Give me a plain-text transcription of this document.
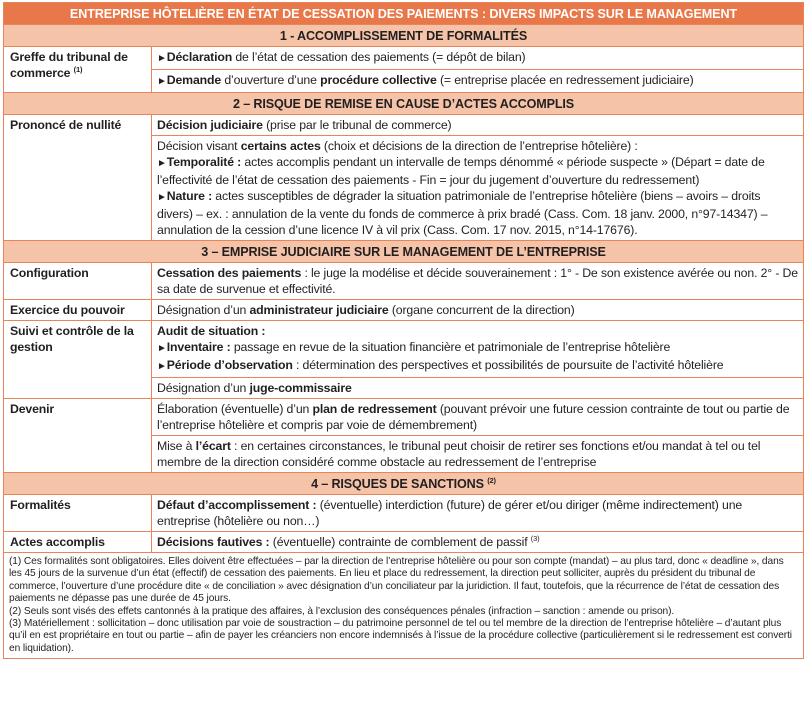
ENTREPRISE HÔTELIÈRE EN ÉTAT DE CESSATION DES PAIEMENTS : DIVERS IMPACTS SUR LE MANAGEMENT	
1 - ACCOMPLISSEMENT DE FORMALITÉS	
Greffe du tribunal de commerce $^{(1)}$	►Déclaration de l’état de cessation des paiements (= dépôt de bilan)
	►Demande d’ouverture d’une procédure collective (= entreprise placée en redressement judiciaire)
2 – RISQUE DE REMISE EN CAUSE D’ACTES ACCOMPLIS	
Prononcé de nullité	Décision judiciaire (prise par le tribunal de commerce)

	Décision visant certains actes (choix et décisions de la direction de l’entreprise hôtelière) :
►Temporalité : actes accomplis pendant un intervalle de temps dénommé « période suspecte » (Départ = date de l’effectivité de l’état de cessation des paiements - Fin = jour du jugement d’ouverture du redressement)
►Nature : actes susceptibles de dégrader la situation patrimoniale de l’entreprise hôtelière (biens – avoirs – droits divers) – ex. : annulation de la vente du fonds de commerce à prix bradé (Cass. Com. 18 janv. 2000, n°97-14347) – annulation de la cession d’une licence IV à vil prix (Cass. Com. 17 nov. 2015, n°14-17676).

3 – EMPRISE JUDICIAIRE SUR LE MANAGEMENT DE L’ENTREPRISE	
Configuration	Cessation des paiements : le juge la modélise et décide souverainement : 1° - De son existence avérée ou non. 2° - De sa date de survenue et effectivité.
Exercice du pouvoir	Désignation d’un administrateur judiciaire (organe concurrent de la direction)
Suivi et contrôle de la gestion	Audit de situation :
►Inventaire : passage en revue de la situation financière et patrimoniale de l’entreprise hôtelière
►Période d’observation : détermination des perspectives et possibilités de poursuite de l’activité hôtelière

	Désignation d’un juge-commissaire
Devenir	Élaboration (éventuelle) d’un plan de redressement (pouvant prévoir une future cession contrainte de tout ou partie de l’entreprise hôtelière et compris par voie de démembrement)
	Mise à l’écart : en certaines circonstances, le tribunal peut choisir de retirer ses fonctions et/ou mandat à tel ou tel membre de la direction considéré comme obstacle au redressement de l’entreprise
4 – RISQUES DE SANCTIONS $^{(2)}$
Formalités	Défaut d’accomplissement : (éventuelle) interdiction (future) de gérer et/ou diriger (même indirectement) une entreprise (hôtelière ou non…)
Actes accomplis	Décisions fautives : (éventuelle) contrainte de comblement de passif $^{(3)}$

(1) Ces formalités sont obligatoires. Elles doivent être effectuées – par la direction de l’entreprise hôtelière ou pour son compte (mandat) – au plus tard, donc « deadline », dans les 45 jours de la survenue d’un état (effectif) de cessation des paiements. En lieu et place du redressement, la direction peut solliciter, auprès du président du tribunal de commerce, l’ouverture d’une procédure dite « de conciliation » avec désignation d’un conciliateur par la juridiction. Il faut, toutefois, que la récurrence de l’état de cessation des paiements ne dépasse pas une durée de 45 jours.

(2) Seuls sont visés des effets cantonnés à la pratique des affaires, à l’exclusion des conséquences pénales (infraction – sanction : amende ou prison).

(3) Matériellement : sollicitation – donc utilisation par voie de soustraction – du patrimoine personnel de tel ou tel membre de la direction de l’entreprise hôtelière – d’autant plus qu’il en est propriétaire en tout ou partie – afin de payer les créanciers non encore indemnisés à l’issue de la procédure collective (particulièrement si le redressement est converti en liquidation).
